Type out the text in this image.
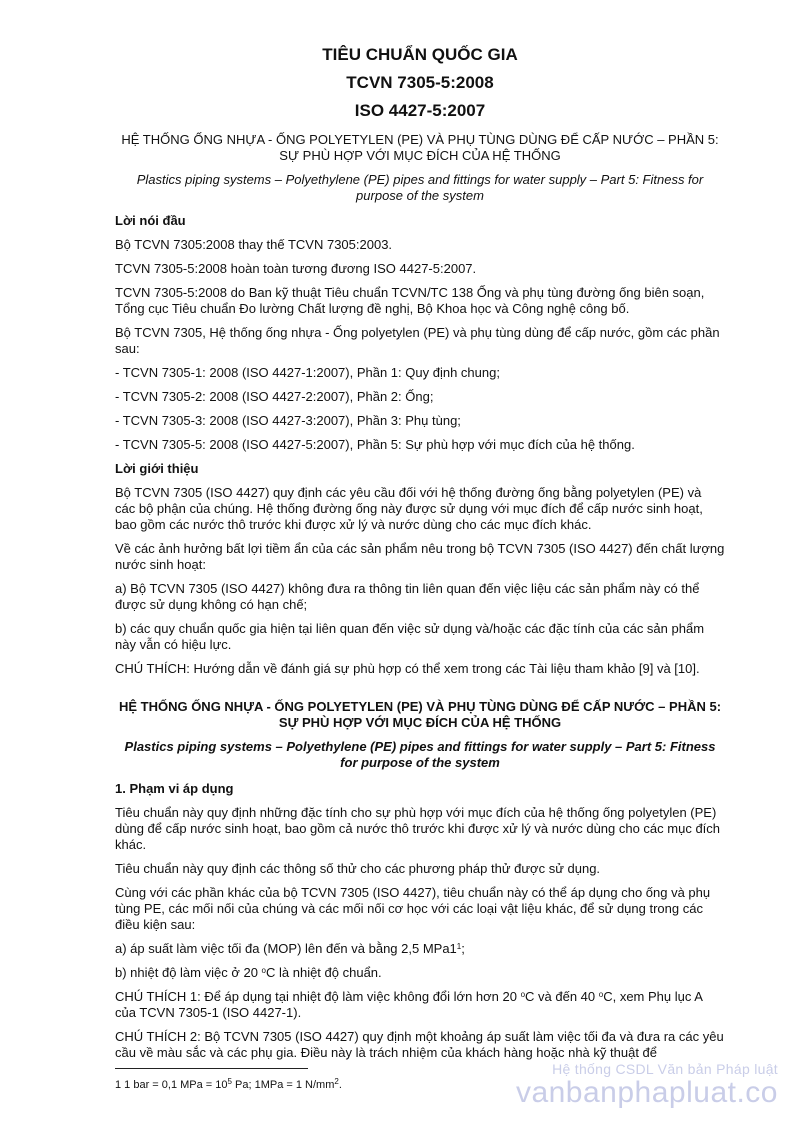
TIÊU CHUẨN QUỐC GIA
TCVN 7305-5:2008
ISO 4427-5:2007
HỆ THỐNG ỐNG NHỰA - ỐNG POLYETYLEN (PE) VÀ PHỤ TÙNG DÙNG ĐỂ CẤP NƯỚC – PHẦN 5: SỰ PHÙ HỢP VỚI MỤC ĐÍCH CỦA HỆ THỐNG
Plastics piping systems – Polyethylene (PE) pipes and fittings for water supply – Part 5: Fitness for purpose of the system
Lời nói đầu

Bộ TCVN 7305:2008 thay thế TCVN 7305:2003.

TCVN 7305-5:2008 hoàn toàn tương đương ISO 4427-5:2007.

TCVN 7305-5:2008 do Ban kỹ thuật Tiêu chuẩn TCVN/TC 138 Ống và phụ tùng đường ống biên soạn, Tổng cục Tiêu chuẩn Đo lường Chất lượng đề nghị, Bộ Khoa học và Công nghệ công bố.

Bộ TCVN 7305, Hệ thống ống nhựa - Ống polyetylen (PE) và phụ tùng dùng để cấp nước, gồm các phần sau:

- TCVN 7305-1: 2008 (ISO 4427-1:2007), Phần 1: Quy định chung;

- TCVN 7305-2: 2008 (ISO 4427-2:2007), Phần 2: Ống;

- TCVN 7305-3: 2008 (ISO 4427-3:2007), Phần 3: Phụ tùng;

- TCVN 7305-5: 2008 (ISO 4427-5:2007), Phần 5: Sự phù hợp với mục đích của hệ thống.

Lời giới thiệu

Bộ TCVN 7305 (ISO 4427) quy định các yêu cầu đối với hệ thống đường ống bằng polyetylen (PE) và các bộ phận của chúng. Hệ thống đường ống này được sử dụng với mục đích để cấp nước sinh hoạt, bao gồm các nước thô trước khi được xử lý và nước dùng cho các mục đích khác.

Về các ảnh hưởng bất lợi tiềm ẩn của các sản phẩm nêu trong bộ TCVN 7305 (ISO 4427) đến chất lượng nước sinh hoạt:

a) Bộ TCVN 7305 (ISO 4427) không đưa ra thông tin liên quan đến việc liệu các sản phẩm này có thể được sử dụng không có hạn chế;

b) các quy chuẩn quốc gia hiện tại liên quan đến việc sử dụng và/hoặc các đặc tính của các sản phẩm này vẫn có hiệu lực.

CHÚ THÍCH: Hướng dẫn về đánh giá sự phù hợp có thể xem trong các Tài liệu tham khảo [9] và [10].

HỆ THỐNG ỐNG NHỰA - ỐNG POLYETYLEN (PE) VÀ PHỤ TÙNG DÙNG ĐỂ CẤP NƯỚC – PHẦN 5: SỰ PHÙ HỢP VỚI MỤC ĐÍCH CỦA HỆ THỐNG
Plastics piping systems – Polyethylene (PE) pipes and fittings for water supply – Part 5: Fitness for purpose of the system
1. Phạm vi áp dụng

Tiêu chuẩn này quy định những đặc tính cho sự phù hợp với mục đích của hệ thống ống polyetylen (PE) dùng để cấp nước sinh hoạt, bao gồm cả nước thô trước khi được xử lý và nước dùng cho các mục đích khác.

Tiêu chuẩn này quy định các thông số thử cho các phương pháp thử được sử dụng.

Cùng với các phần khác của bộ TCVN 7305 (ISO 4427), tiêu chuẩn này có thể áp dụng cho ống và phụ tùng PE, các mối nối của chúng và các mối nối cơ học với các loại vật liệu khác, để sử dụng trong các điều kiện sau:

a) áp suất làm việc tối đa (MOP) lên đến và bằng 2,5 $MPa1^1$;

b) nhiệt độ làm việc ở 20 $^o$C là nhiệt độ chuẩn.

CHÚ THÍCH 1: Để áp dụng tại nhiệt độ làm việc không đổi lớn hơn 20 $^o$C và đến 40 $^o$C, xem Phụ lục A của TCVN 7305-1 (ISO 4427-1).

CHÚ THÍCH 2: Bộ TCVN 7305 (ISO 4427) quy định một khoảng áp suất làm việc tối đa và đưa ra các yêu cầu về màu sắc và các phụ gia. Điều này là trách nhiệm của khách hàng hoặc nhà kỹ thuật để

1 1 bar = 0,1 MPa = $10^5$ Pa; 1MPa = 1 $N/mm^2$.
Hệ thống CSDL Văn bản Pháp luật
vanbanphapluat.co
